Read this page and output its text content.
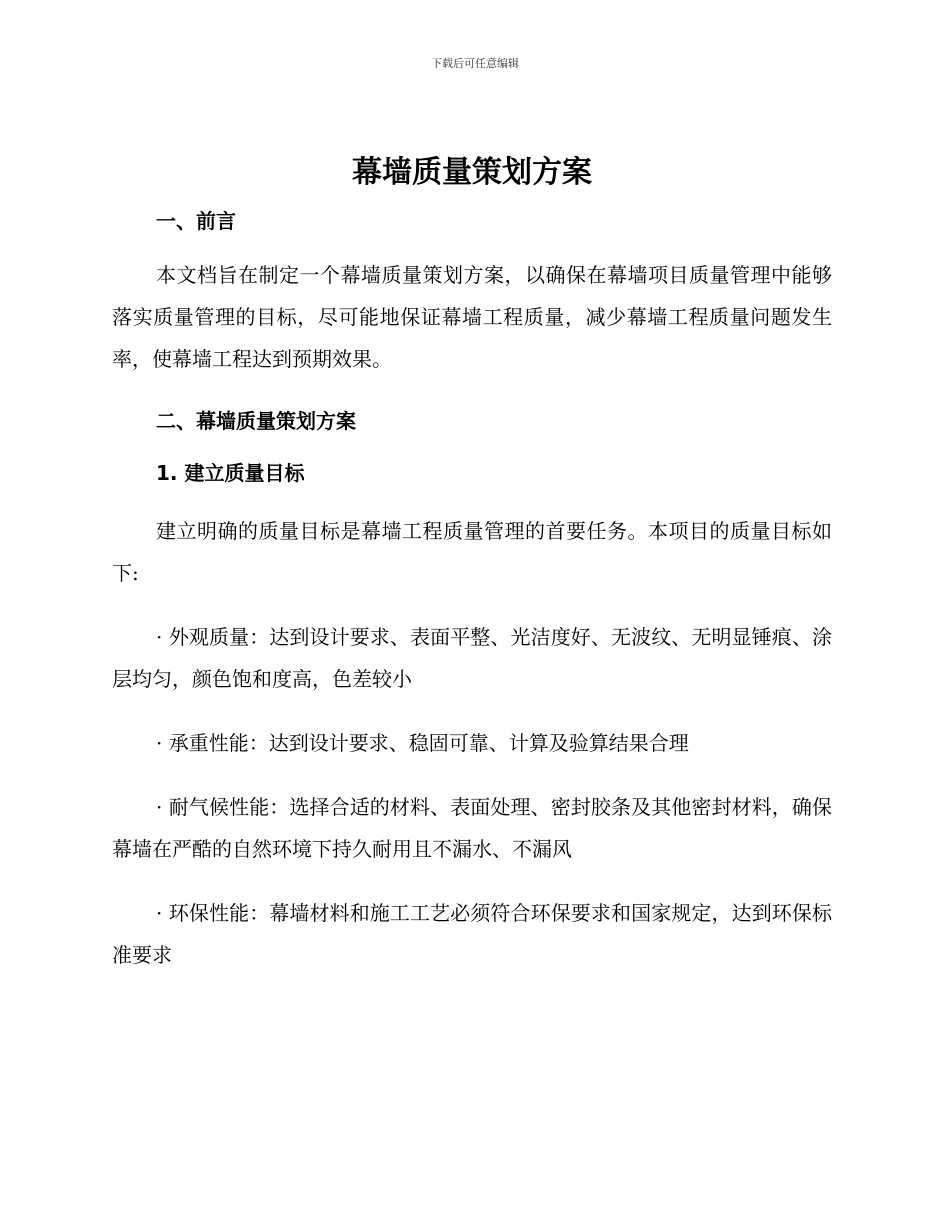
下载后可任意编辑
幕墙质量策划方案
一、前言

本文档旨在制定一个幕墙质量策划方案，以确保在幕墙项目质量管理中能够落实质量管理的目标，尽可能地保证幕墙工程质量，减少幕墙工程质量问题发生率，使幕墙工程达到预期效果。

二、幕墙质量策划方案
1. 建立质量目标

建立明确的质量目标是幕墙工程质量管理的首要任务。本项目的质量目标如下:

· 外观质量：达到设计要求、表面平整、光洁度好、无波纹、无明显锤痕、涂层均匀，颜色饱和度高，色差较小

· 承重性能：达到设计要求、稳固可靠、计算及验算结果合理

· 耐气候性能：选择合适的材料、表面处理、密封胶条及其他密封材料，确保幕墙在严酷的自然环境下持久耐用且不漏水、不漏风

· 环保性能：幕墙材料和施工工艺必须符合环保要求和国家规定，达到环保标准要求
